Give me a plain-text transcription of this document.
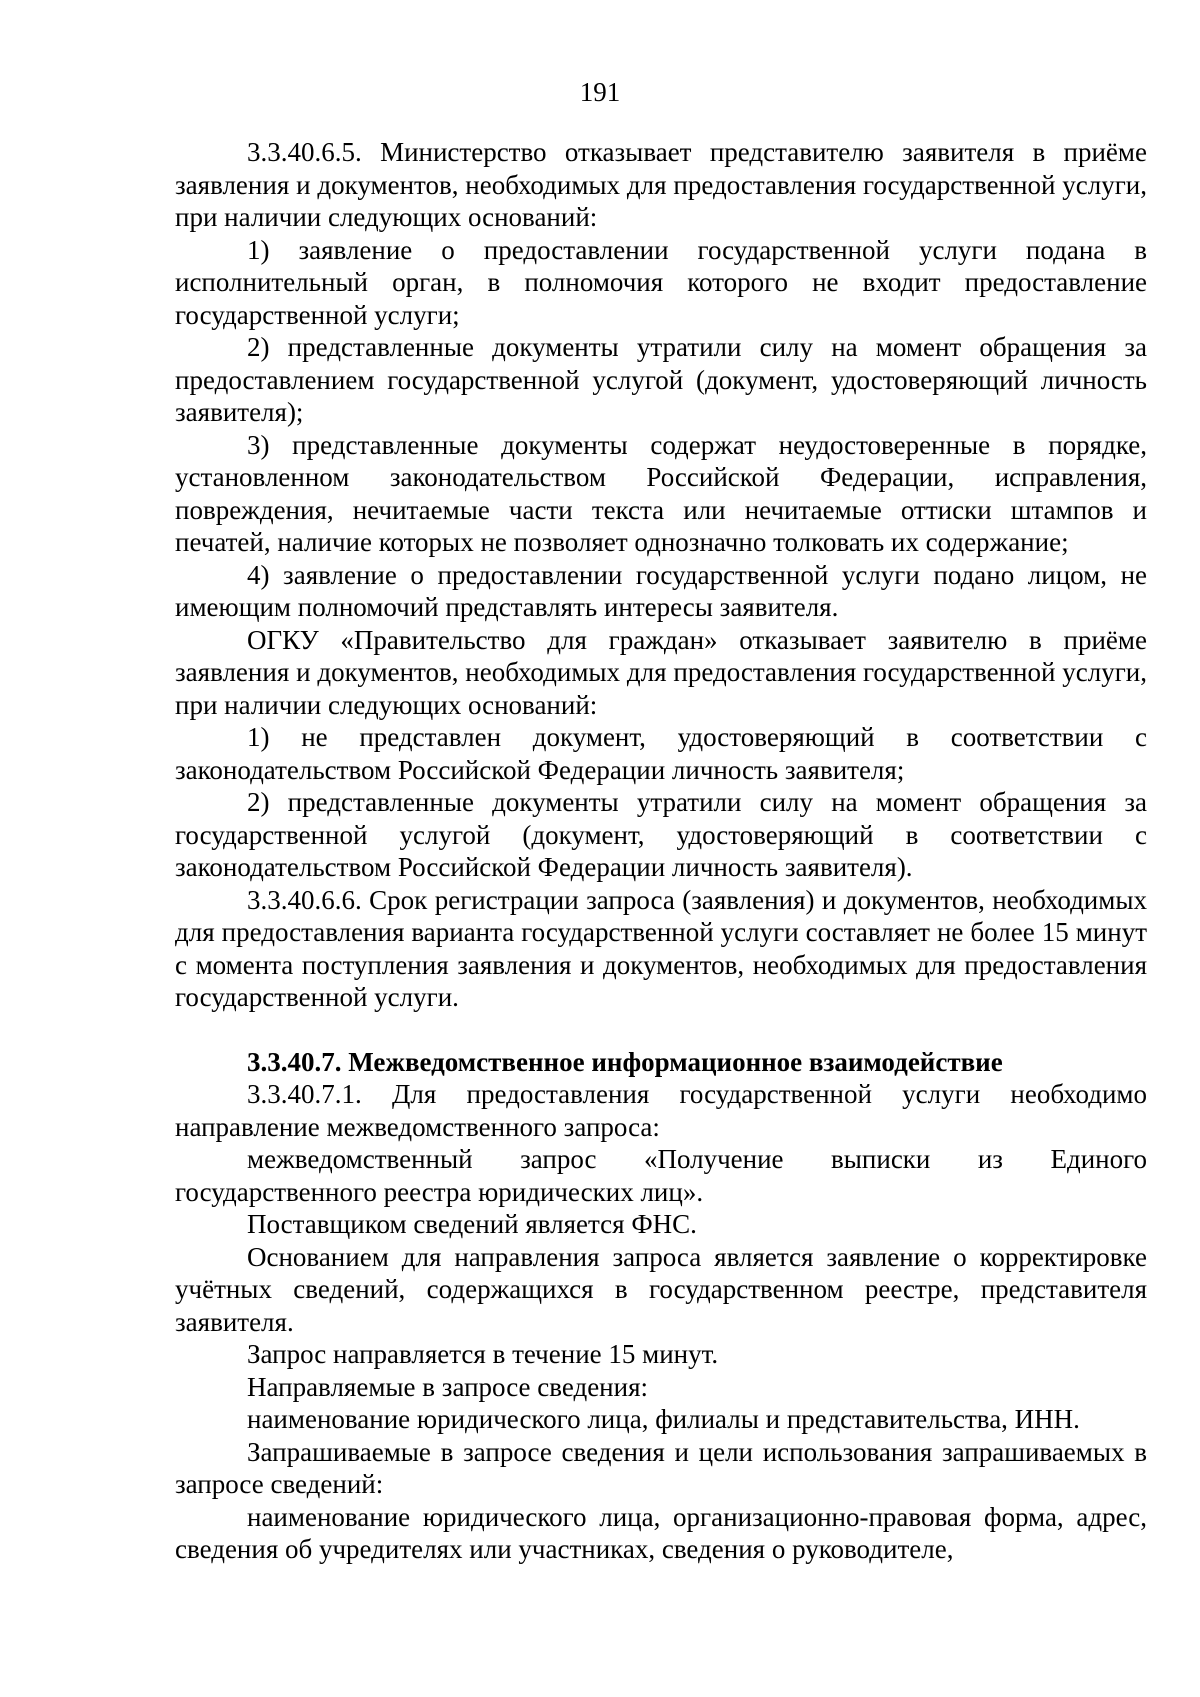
191

3.3.40.6.5. Министерство отказывает представителю заявителя в приёме заявления и документов, необходимых для предоставления государственной услуги, при наличии следующих оснований:

1) заявление о предоставлении государственной услуги подана в исполнительный орган, в полномочия которого не входит предоставление государственной услуги;

2) представленные документы утратили силу на момент обращения за предоставлением государственной услугой (документ, удостоверяющий личность заявителя);

3) представленные документы содержат неудостоверенные в порядке, установленном законодательством Российской Федерации, исправления, повреждения, нечитаемые части текста или нечитаемые оттиски штампов и печатей, наличие которых не позволяет однозначно толковать их содержание;

4) заявление о предоставлении государственной услуги подано лицом, не имеющим полномочий представлять интересы заявителя.

ОГКУ «Правительство для граждан» отказывает заявителю в приёме заявления и документов, необходимых для предоставления государственной услуги, при наличии следующих оснований:

1) не представлен документ, удостоверяющий в соответствии с законодательством Российской Федерации личность заявителя;

2) представленные документы утратили силу на момент обращения за государственной услугой (документ, удостоверяющий в соответствии с законодательством Российской Федерации личность заявителя).

3.3.40.6.6. Срок регистрации запроса (заявления) и документов, необходимых для предоставления варианта государственной услуги составляет не более 15 минут с момента поступления заявления и документов, необходимых для предоставления государственной услуги.

3.3.40.7. Межведомственное информационное взаимодействие

3.3.40.7.1. Для предоставления государственной услуги необходимо направление межведомственного запроса:

межведомственный запрос «Получение выписки из Единого государственного реестра юридических лиц».

Поставщиком сведений является ФНС.

Основанием для направления запроса является заявление о корректировке учётных сведений, содержащихся в государственном реестре, представителя заявителя.

Запрос направляется в течение 15 минут.

Направляемые в запросе сведения:

наименование юридического лица, филиалы и представительства, ИНН.

Запрашиваемые в запросе сведения и цели использования запрашиваемых в запросе сведений:

наименование юридического лица, организационно-правовая форма, адрес, сведения об учредителях или участниках, сведения о руководителе,
